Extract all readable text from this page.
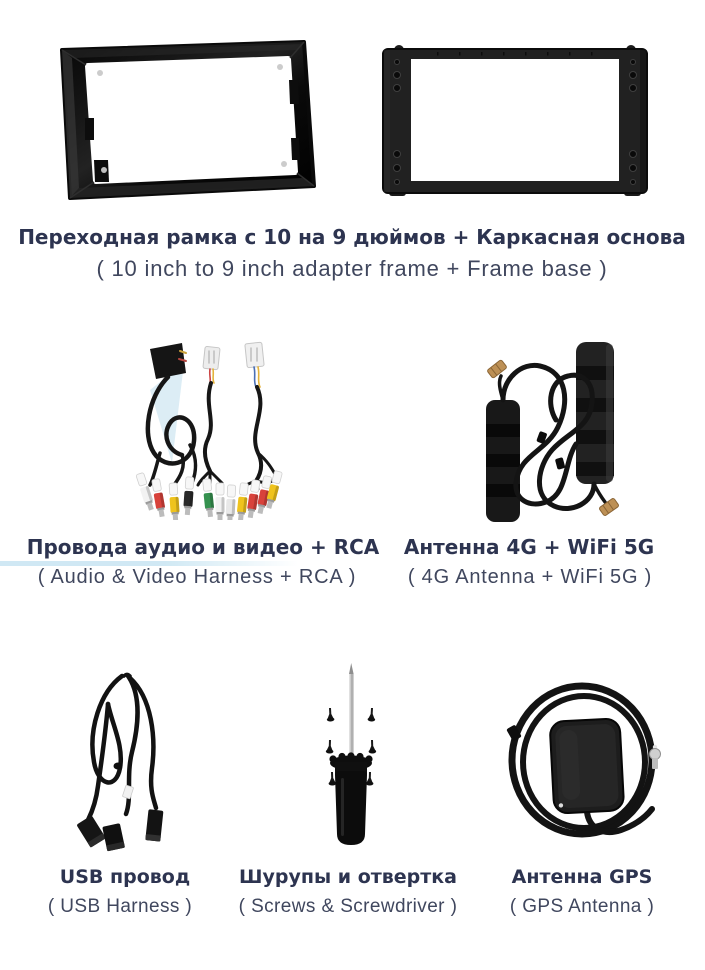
Переходная рамка с 10 на 9 дюймов + Каркасная основа
( 10 inch to 9 inch adapter frame + Frame base )
Провода аудио и видео + RCA
( Audio & Video Harness + RCA )
Антенна 4G + WiFi 5G
( 4G Antenna + WiFi 5G )
USB провод
( USB Harness )
Шурупы и отвертка
( Screws & Screwdriver )
Антенна GPS
( GPS Antenna )
